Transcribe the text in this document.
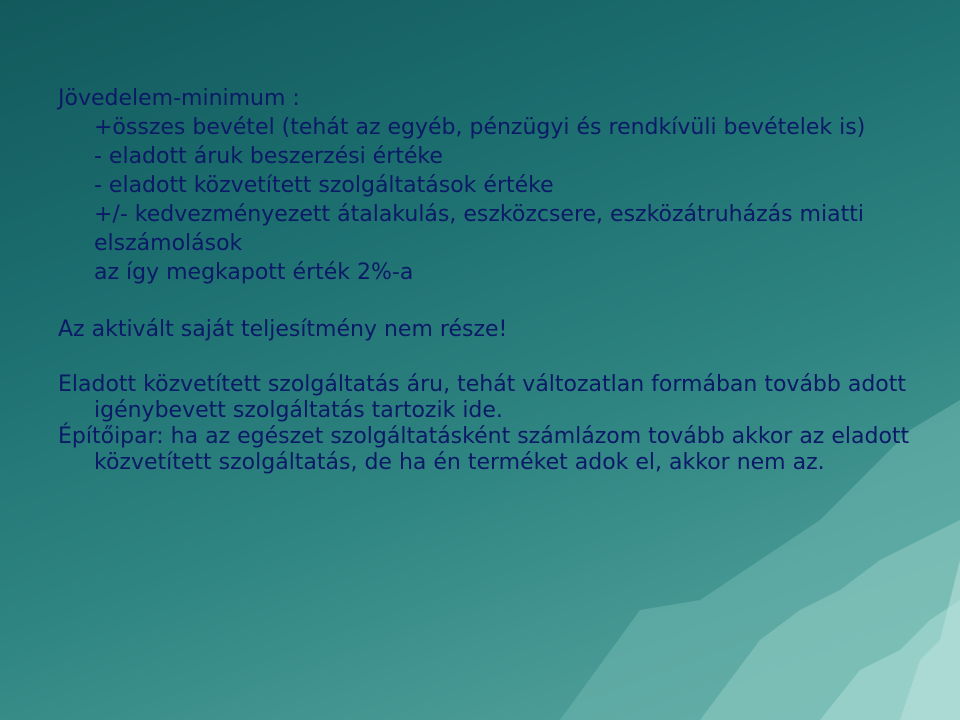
Jövedelem-minimum :

+összes bevétel (tehát az egyéb, pénzügyi és rendkívüli bevételek is)

- eladott áruk beszerzési értéke

- eladott közvetített szolgáltatások értéke

+/- kedvezményezett átalakulás, eszközcsere, eszközátruházás miatti elszámolások

az így megkapott érték 2%-a

Az aktivált saját teljesítmény nem része!

Eladott közvetített szolgáltatás áru, tehát változatlan formában tovább adott igénybevett szolgáltatás tartozik ide.

Építőipar: ha az egészet szolgáltatásként számlázom tovább akkor az eladott közvetített szolgáltatás, de ha én terméket adok el, akkor nem az.
